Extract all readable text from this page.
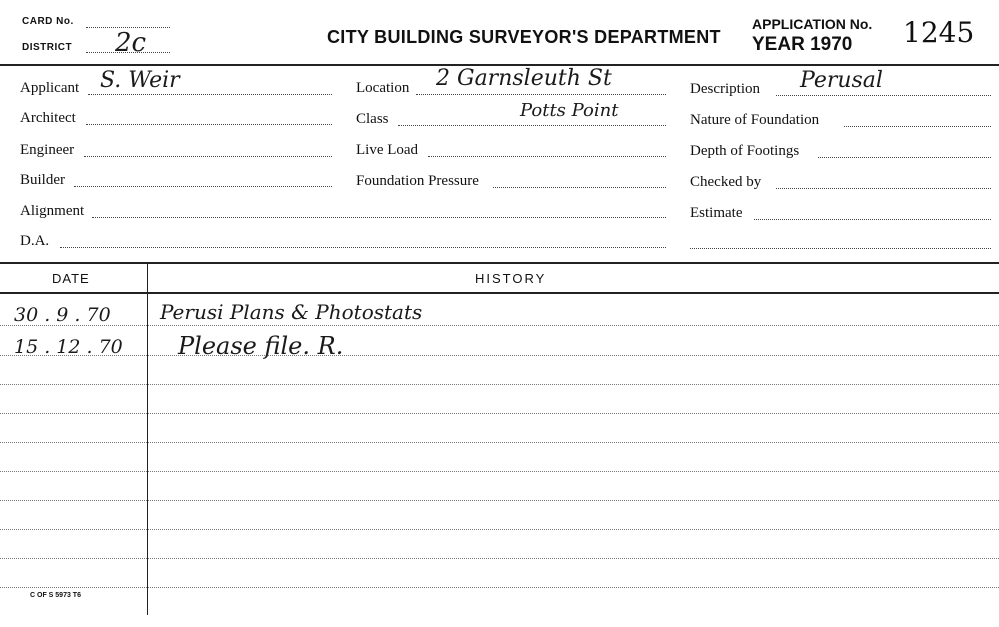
CARD No.
DISTRICT 2c	CITY BUILDING SURVEYOR'S DEPARTMENT
APPLICATION No.
YEAR 1970 1245
Applicant S. Weir
Architect
Engineer
Builder
Alignment
D.A.
Location 2 Garnsleuth St
Class	Potts Point
Live Load
Foundation Pressure
Description Perusal
Nature of Foundation
Depth of Footings
Checked by
Estimate
DATE	HISTORY
30 . 9 . 70 Perusi Plans & Photostats
15 . 12 . 70 Please file. R.
C OF S 5973 T6
